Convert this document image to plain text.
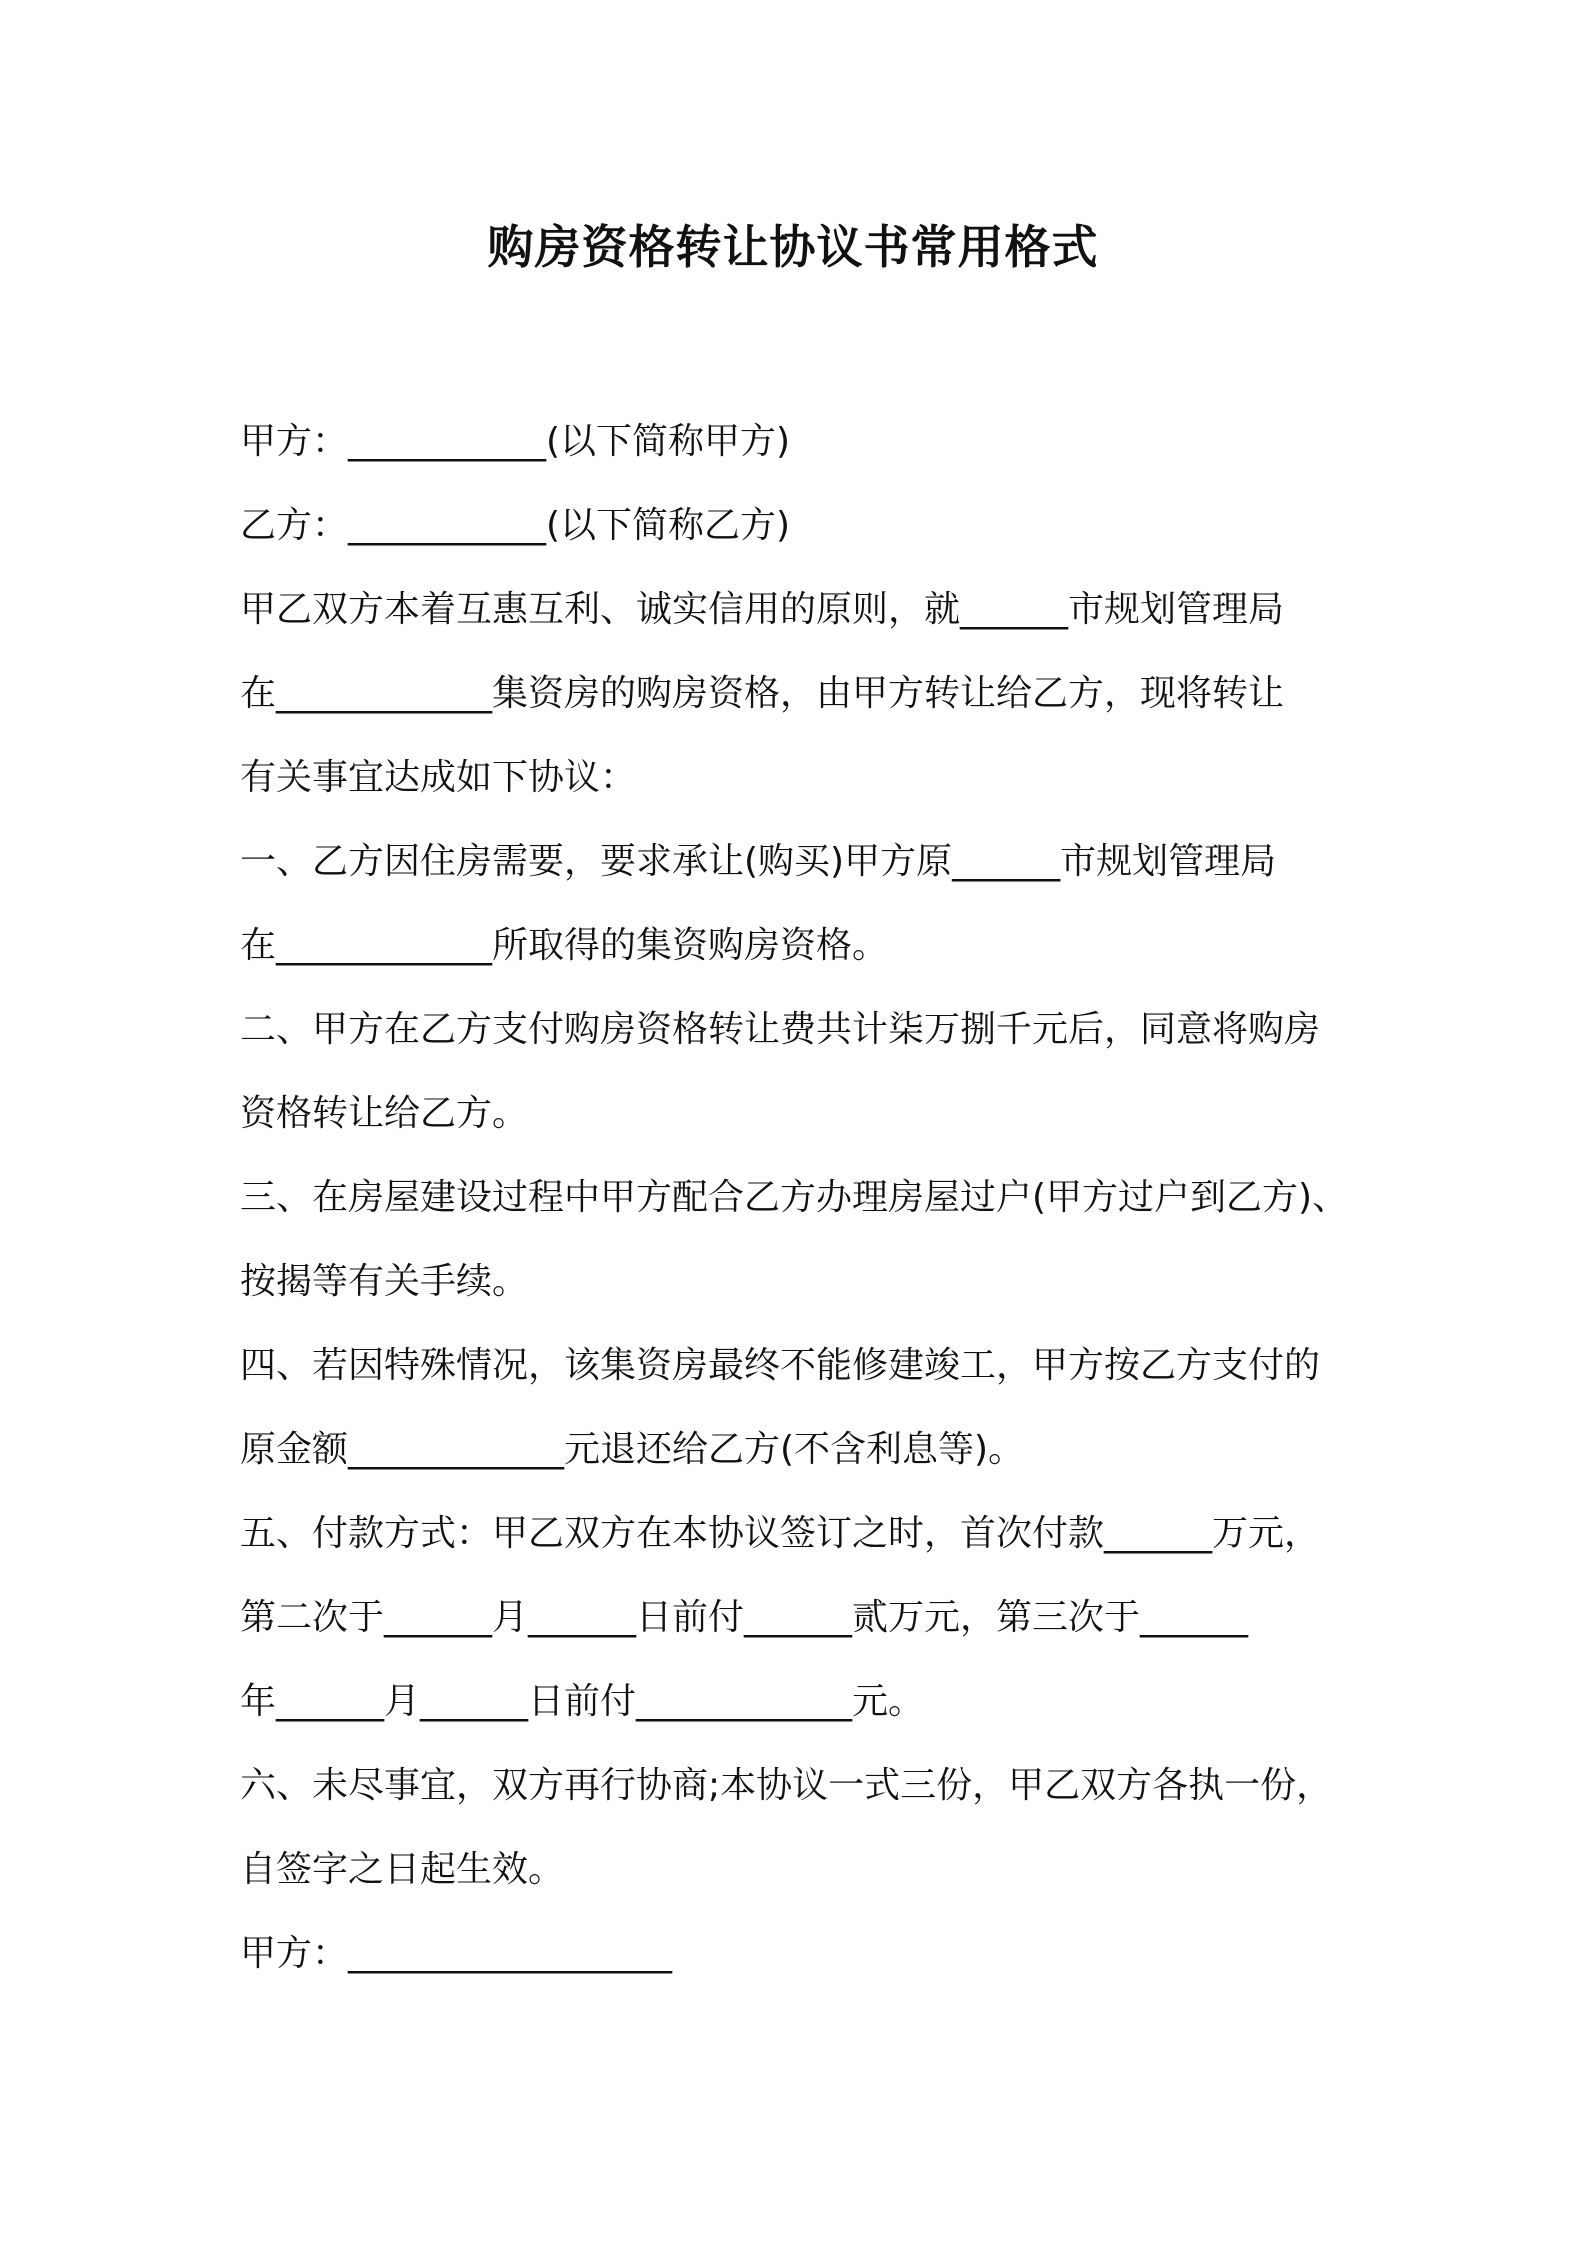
购房资格转让协议书常用格式
甲方：___________(以下简称甲方)
乙方：___________(以下简称乙方)
甲乙双方本着互惠互利、诚实信用的原则，就______市规划管理局
在____________集资房的购房资格，由甲方转让给乙方，现将转让
有关事宜达成如下协议：
一、乙方因住房需要，要求承让(购买)甲方原______市规划管理局
在____________所取得的集资购房资格。
二、甲方在乙方支付购房资格转让费共计柒万捌千元后，同意将购房
资格转让给乙方。
三、在房屋建设过程中甲方配合乙方办理房屋过户(甲方过户到乙方)、
按揭等有关手续。
四、若因特殊情况，该集资房最终不能修建竣工，甲方按乙方支付的
原金额____________元退还给乙方(不含利息等)。
五、付款方式：甲乙双方在本协议签订之时，首次付款______万元，
第二次于______月______日前付______贰万元，第三次于______
年______月______日前付____________元。
六、未尽事宜，双方再行协商;本协议一式三份，甲乙双方各执一份，
自签字之日起生效。
甲方：__________________
